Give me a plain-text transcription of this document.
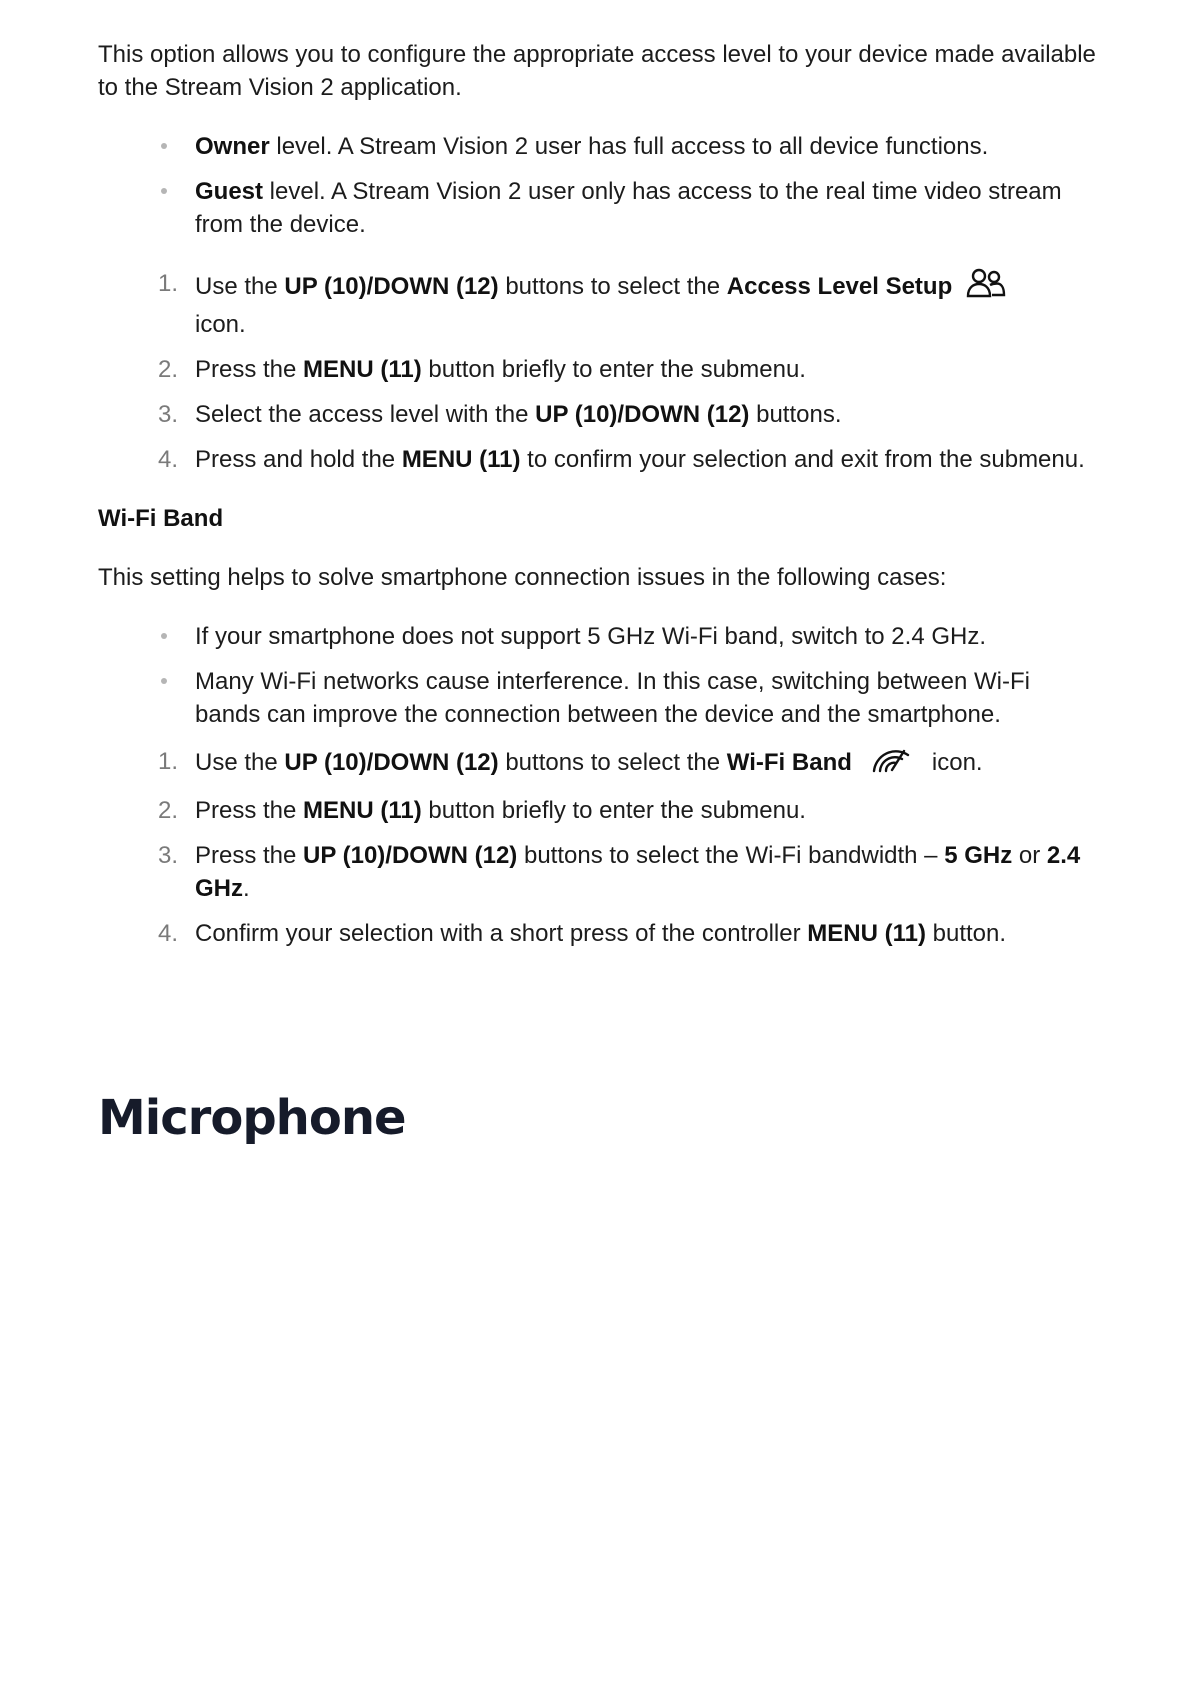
This option allows you to configure the appropriate access level to your device made available to the Stream Vision 2 application.

Owner level. A Stream Vision 2 user has full access to all device functions.
Guest level. A Stream Vision 2 user only has access to the real time video stream from the device.
1. Use the UP (10)/DOWN (12) buttons to select the Access Level Setup
icon.
2. Press the MENU (11) button briefly to enter the submenu.
3. Select the access level with the UP (10)/DOWN (12) buttons.
4. Press and hold the MENU (11) to confirm your selection and exit from the submenu.
Wi-Fi Band

This setting helps to solve smartphone connection issues in the following cases:

If your smartphone does not support 5 GHz Wi-Fi band, switch to 2.4 GHz.
Many Wi-Fi networks cause interference. In this case, switching between Wi-Fi bands can improve the connection between the device and the smartphone.
1. Use the UP (10)/DOWN (12) buttons to select the Wi-Fi Band	icon.
2. Press the MENU (11) button briefly to enter the submenu.
3. Press the UP (10)/DOWN (12) buttons to select the Wi-Fi bandwidth – 5 GHz or 2.4 GHz.
4. Confirm your selection with a short press of the controller MENU (11) button.
Microphone
